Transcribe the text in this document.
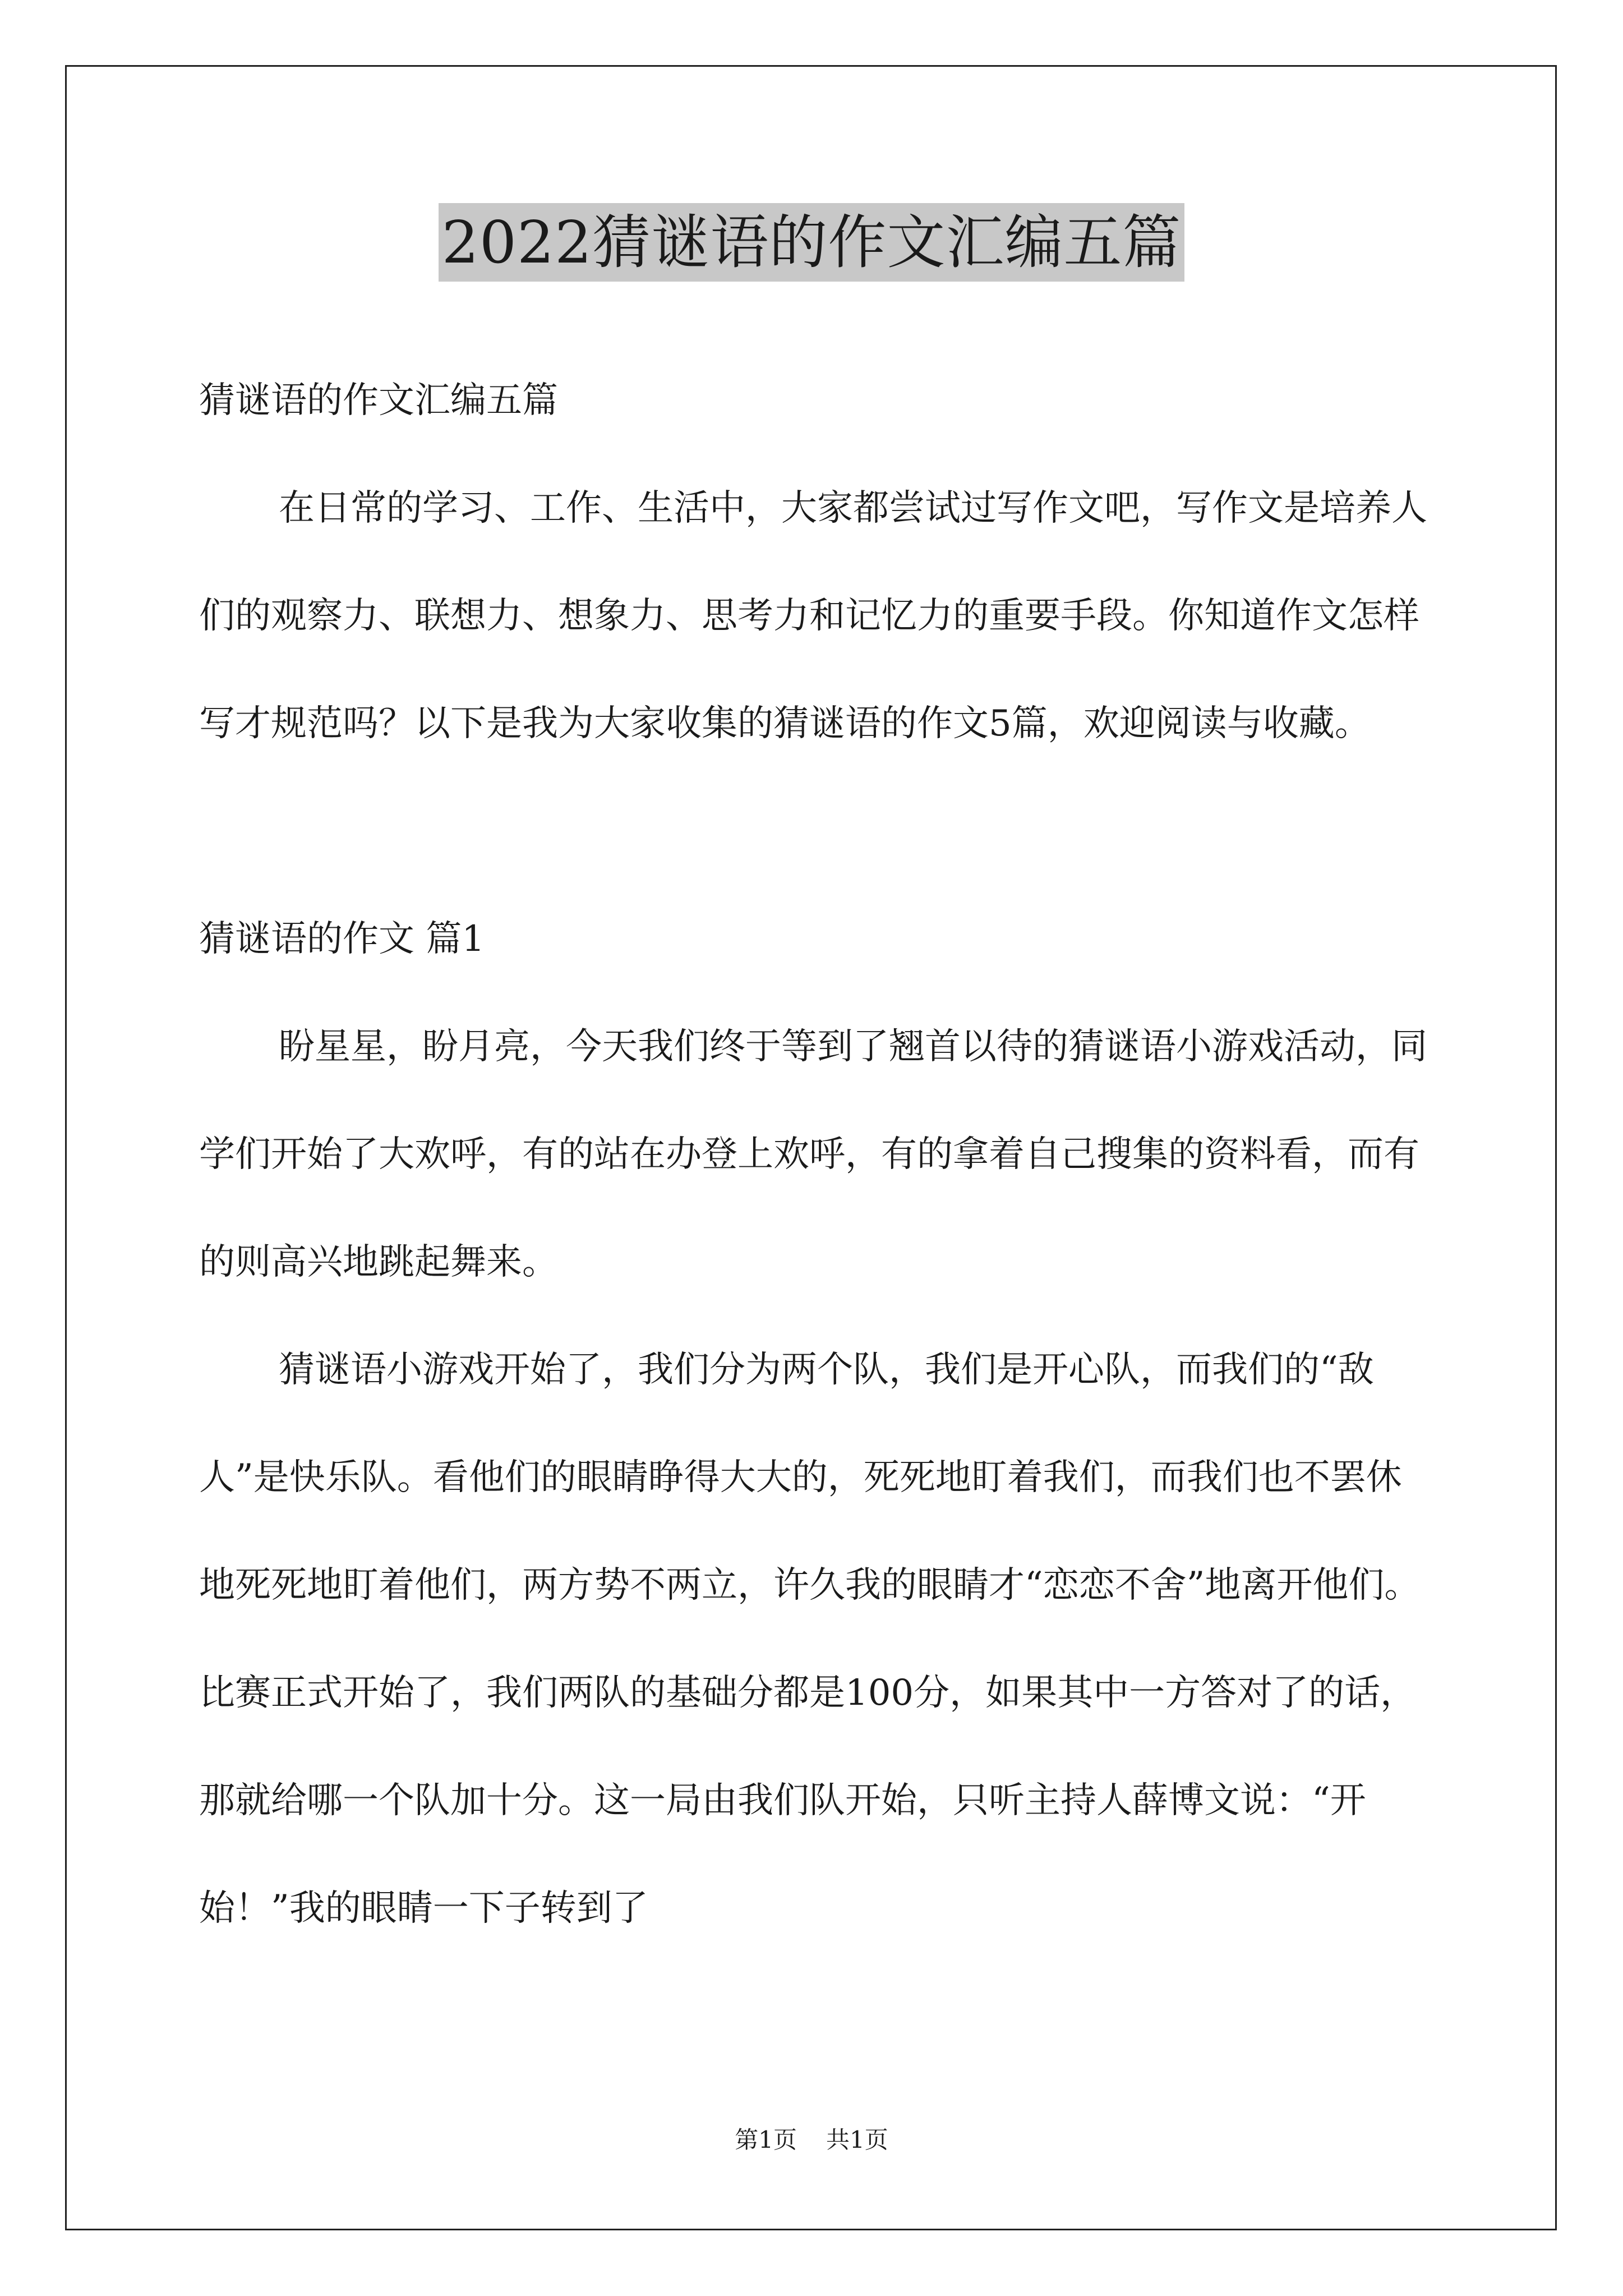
2022猜谜语的作文汇编五篇

猜谜语的作文汇编五篇

在日常的学习、工作、生活中，大家都尝试过写作文吧，写作文是培养人们的观察力、联想力、想象力、思考力和记忆力的重要手段。你知道作文怎样写才规范吗？以下是我为大家收集的猜谜语的作文5篇，欢迎阅读与收藏。

猜谜语的作文 篇1

盼星星，盼月亮，今天我们终于等到了翘首以待的猜谜语小游戏活动，同学们开始了大欢呼，有的站在办登上欢呼，有的拿着自己搜集的资料看，而有的则高兴地跳起舞来。

猜谜语小游戏开始了，我们分为两个队，我们是开心队，而我们的“敌人”是快乐队。看他们的眼睛睁得大大的，死死地盯着我们，而我们也不罢休地死死地盯着他们，两方势不两立，许久我的眼睛才“恋恋不舍”地离开他们。比赛正式开始了，我们两队的基础分都是100分，如果其中一方答对了的话，那就给哪一个队加十分。这一局由我们队开始，只听主持人薛博文说：“开始！”我的眼睛一下子转到了

第1页 共1页
